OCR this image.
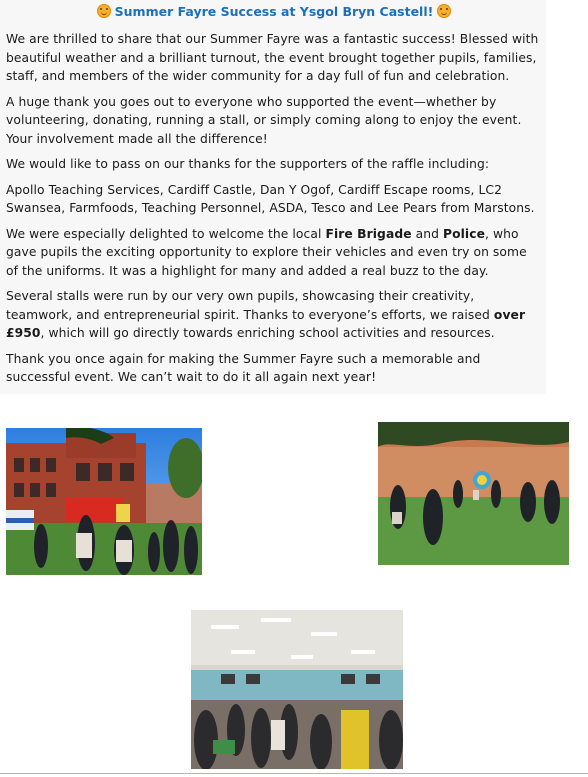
Summer Fayre Success at Ysgol Bryn Castell!

We are thrilled to share that our Summer Fayre was a fantastic success! Blessed with beautiful weather and a brilliant turnout, the event brought together pupils, families, staff, and members of the wider community for a day full of fun and celebration.

A huge thank you goes out to everyone who supported the event—whether by volunteering, donating, running a stall, or simply coming along to enjoy the event. Your involvement made all the difference!

We would like to pass on our thanks for the supporters of the raffle including:

Apollo Teaching Services, Cardiff Castle, Dan Y Ogof, Cardiff Escape rooms, LC2 Swansea, Farmfoods, Teaching Personnel, ASDA, Tesco and Lee Pears from Marstons.

We were especially delighted to welcome the local Fire Brigade and Police, who gave pupils the exciting opportunity to explore their vehicles and even try on some of the uniforms. It was a highlight for many and added a real buzz to the day.

Several stalls were run by our very own pupils, showcasing their creativity, teamwork, and entrepreneurial spirit. Thanks to everyone’s efforts, we raised over £950, which will go directly towards enriching school activities and resources.

Thank you once again for making the Summer Fayre such a memorable and successful event. We can’t wait to do it all again next year!
